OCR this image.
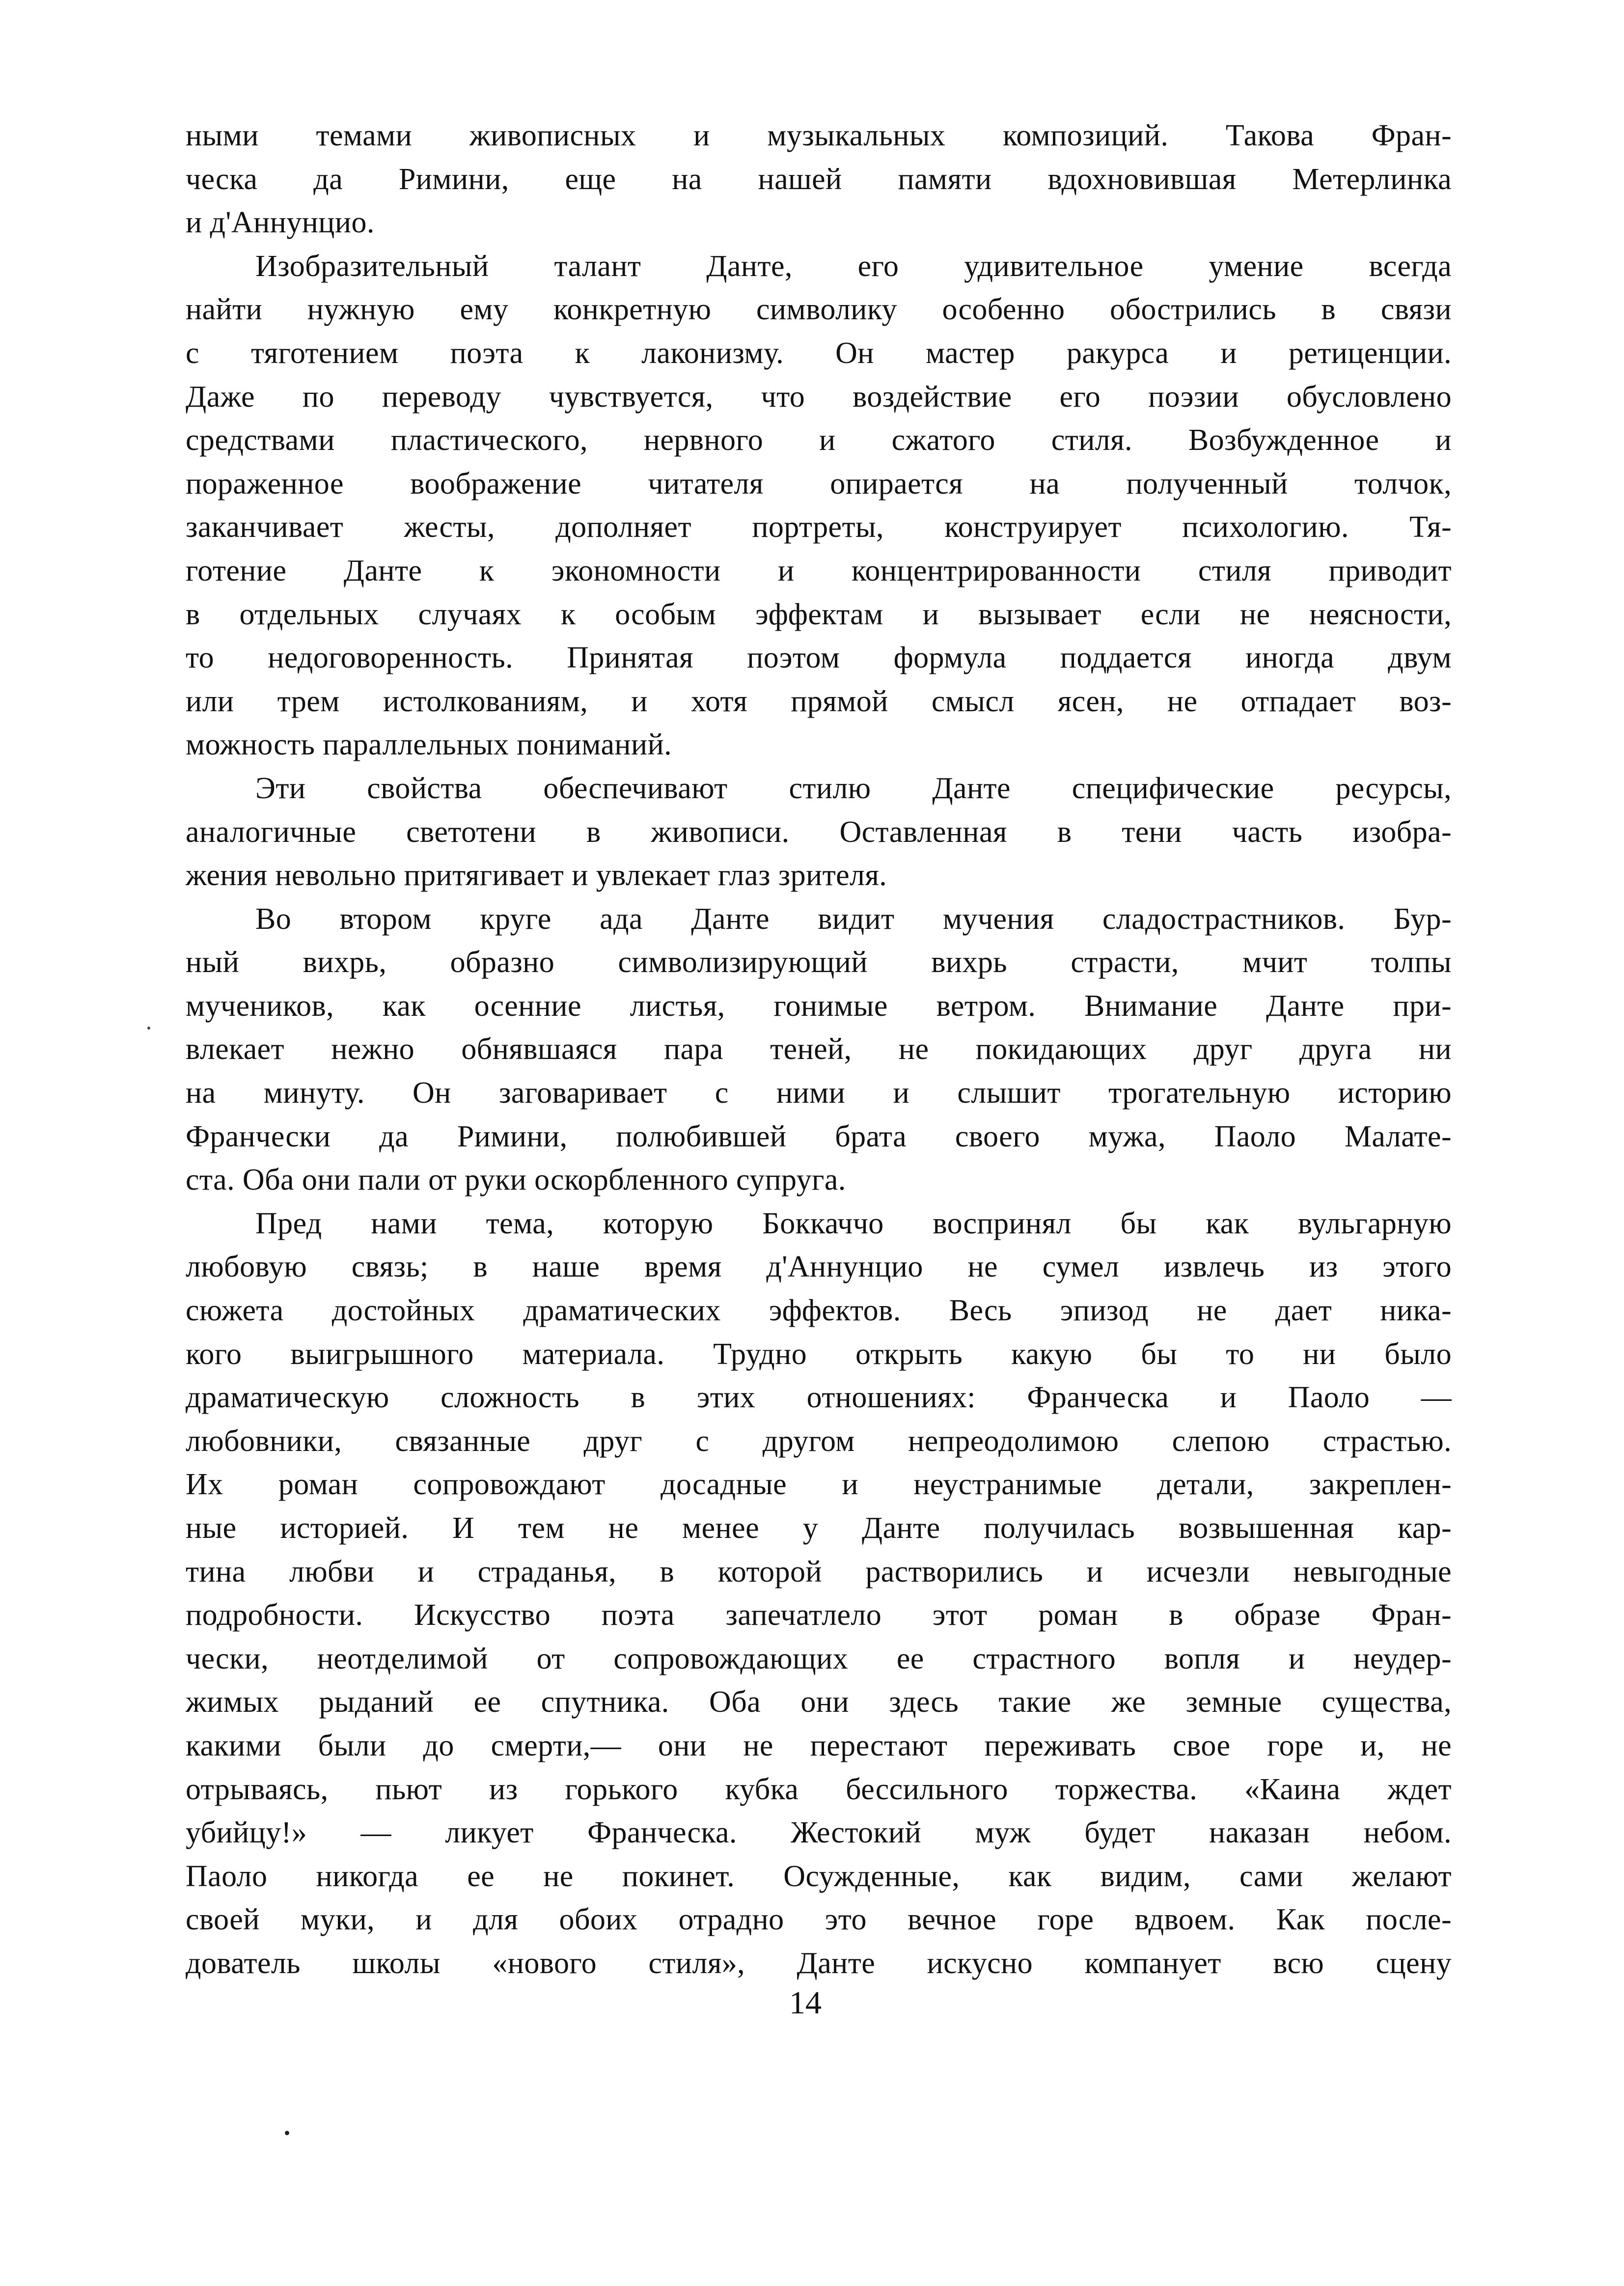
ными темами живописных и музыкальных композиций. Такова Фран-
ческа да Римини, еще на нашей памяти вдохновившая Метерлинка
и д'Аннунцио.
Изобразительный талант Данте, его удивительное умение всегда
найти нужную ему конкретную символику особенно обострились в связи
с тяготением поэта к лаконизму. Он мастер ракурса и ретиценции.
Даже по переводу чувствуется, что воздействие его поэзии обусловлено
средствами пластического, нервного и сжатого стиля. Возбужденное и
пораженное воображение читателя опирается на полученный толчок,
заканчивает жесты, дополняет портреты, конструирует психологию. Тя-
готение Данте к экономности и концентрированности стиля приводит
в отдельных случаях к особым эффектам и вызывает если не неясности,
то недоговоренность. Принятая поэтом формула поддается иногда двум
или трем истолкованиям, и хотя прямой смысл ясен, не отпадает воз-
можность параллельных пониманий.
Эти свойства обеспечивают стилю Данте специфические ресурсы,
аналогичные светотени в живописи. Оставленная в тени часть изобра-
жения невольно притягивает и увлекает глаз зрителя.
Во втором круге ада Данте видит мучения сладострастников. Бур-
ный вихрь, образно символизирующий вихрь страсти, мчит толпы
мучеников, как осенние листья, гонимые ветром. Внимание Данте при-
влекает нежно обнявшаяся пара теней, не покидающих друг друга ни
на минуту. Он заговаривает с ними и слышит трогательную историю
Франчески да Римини, полюбившей брата своего мужа, Паоло Малате-
ста. Оба они пали от руки оскорбленного супруга.
Пред нами тема, которую Боккаччо воспринял бы как вульгарную
любовую связь; в наше время д'Аннунцио не сумел извлечь из этого
сюжета достойных драматических эффектов. Весь эпизод не дает ника-
кого выигрышного материала. Трудно открыть какую бы то ни было
драматическую сложность в этих отношениях: Франческа и Паоло —
любовники, связанные друг с другом непреодолимою слепою страстью.
Их роман сопровождают досадные и неустранимые детали, закреплен-
ные историей. И тем не менее у Данте получилась возвышенная кар-
тина любви и страданья, в которой растворились и исчезли невыгодные
подробности. Искусство поэта запечатлело этот роман в образе Фран-
чески, неотделимой от сопровождающих ее страстного вопля и неудер-
жимых рыданий ее спутника. Оба они здесь такие же земные существа,
какими были до смерти,— они не перестают переживать свое горе и, не
отрываясь, пьют из горького кубка бессильного торжества. «Каина ждет
убийцу!» — ликует Франческа. Жестокий муж будет наказан небом.
Паоло никогда ее не покинет. Осужденные, как видим, сами желают
своей муки, и для обоих отрадно это вечное горе вдвоем. Как после-
дователь школы «нового стиля», Данте искусно компанует всю сцену
14
